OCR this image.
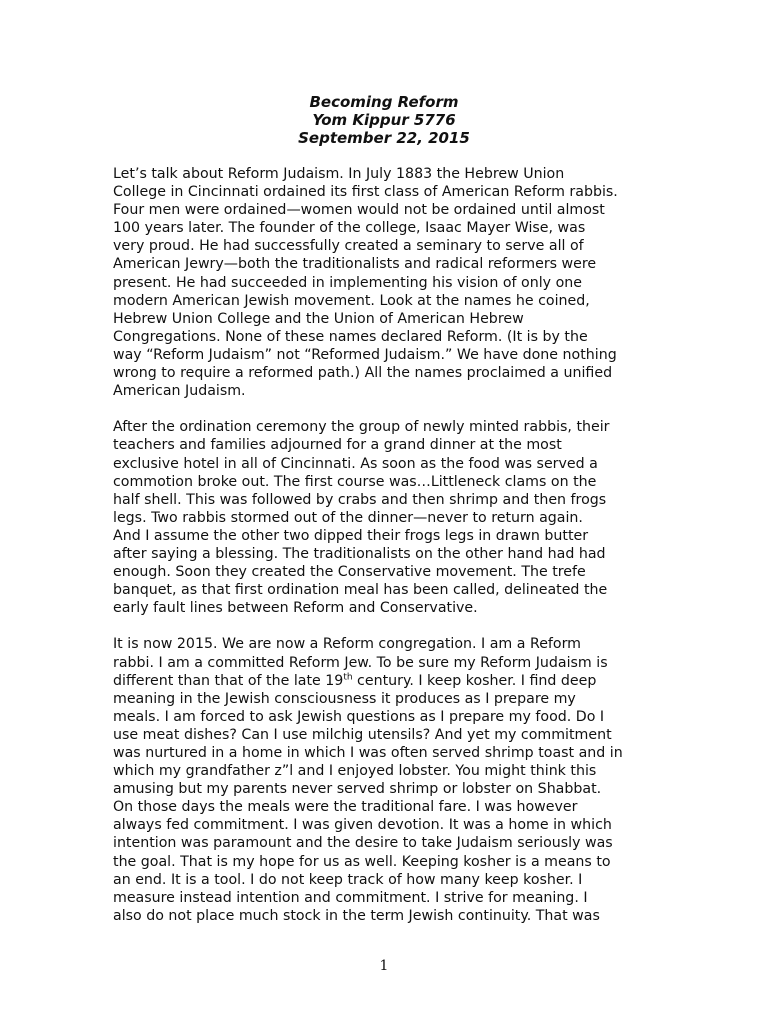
Becoming Reform
Yom Kippur 5776
September 22, 2015

Let’s talk about Reform Judaism. In July 1883 the Hebrew Union
College in Cincinnati ordained its first class of American Reform rabbis.
Four men were ordained—women would not be ordained until almost
100 years later. The founder of the college, Isaac Mayer Wise, was
very proud. He had successfully created a seminary to serve all of
American Jewry—both the traditionalists and radical reformers were
present. He had succeeded in implementing his vision of only one
modern American Jewish movement. Look at the names he coined,
Hebrew Union College and the Union of American Hebrew
Congregations. None of these names declared Reform. (It is by the
way “Reform Judaism” not “Reformed Judaism.” We have done nothing
wrong to require a reformed path.) All the names proclaimed a unified
American Judaism.

After the ordination ceremony the group of newly minted rabbis, their
teachers and families adjourned for a grand dinner at the most
exclusive hotel in all of Cincinnati. As soon as the food was served a
commotion broke out. The first course was…Littleneck clams on the
half shell. This was followed by crabs and then shrimp and then frogs
legs. Two rabbis stormed out of the dinner—never to return again.
And I assume the other two dipped their frogs legs in drawn butter
after saying a blessing. The traditionalists on the other hand had had
enough. Soon they created the Conservative movement. The trefe
banquet, as that first ordination meal has been called, delineated the
early fault lines between Reform and Conservative.

It is now 2015. We are now a Reform congregation. I am a Reform
rabbi. I am a committed Reform Jew. To be sure my Reform Judaism is
different than that of the late 19th century. I keep kosher. I find deep
meaning in the Jewish consciousness it produces as I prepare my
meals. I am forced to ask Jewish questions as I prepare my food. Do I
use meat dishes? Can I use milchig utensils? And yet my commitment
was nurtured in a home in which I was often served shrimp toast and in
which my grandfather z”l and I enjoyed lobster. You might think this
amusing but my parents never served shrimp or lobster on Shabbat.
On those days the meals were the traditional fare. I was however
always fed commitment. I was given devotion. It was a home in which
intention was paramount and the desire to take Judaism seriously was
the goal. That is my hope for us as well. Keeping kosher is a means to
an end. It is a tool. I do not keep track of how many keep kosher. I
measure instead intention and commitment. I strive for meaning. I
also do not place much stock in the term Jewish continuity. That was

1
